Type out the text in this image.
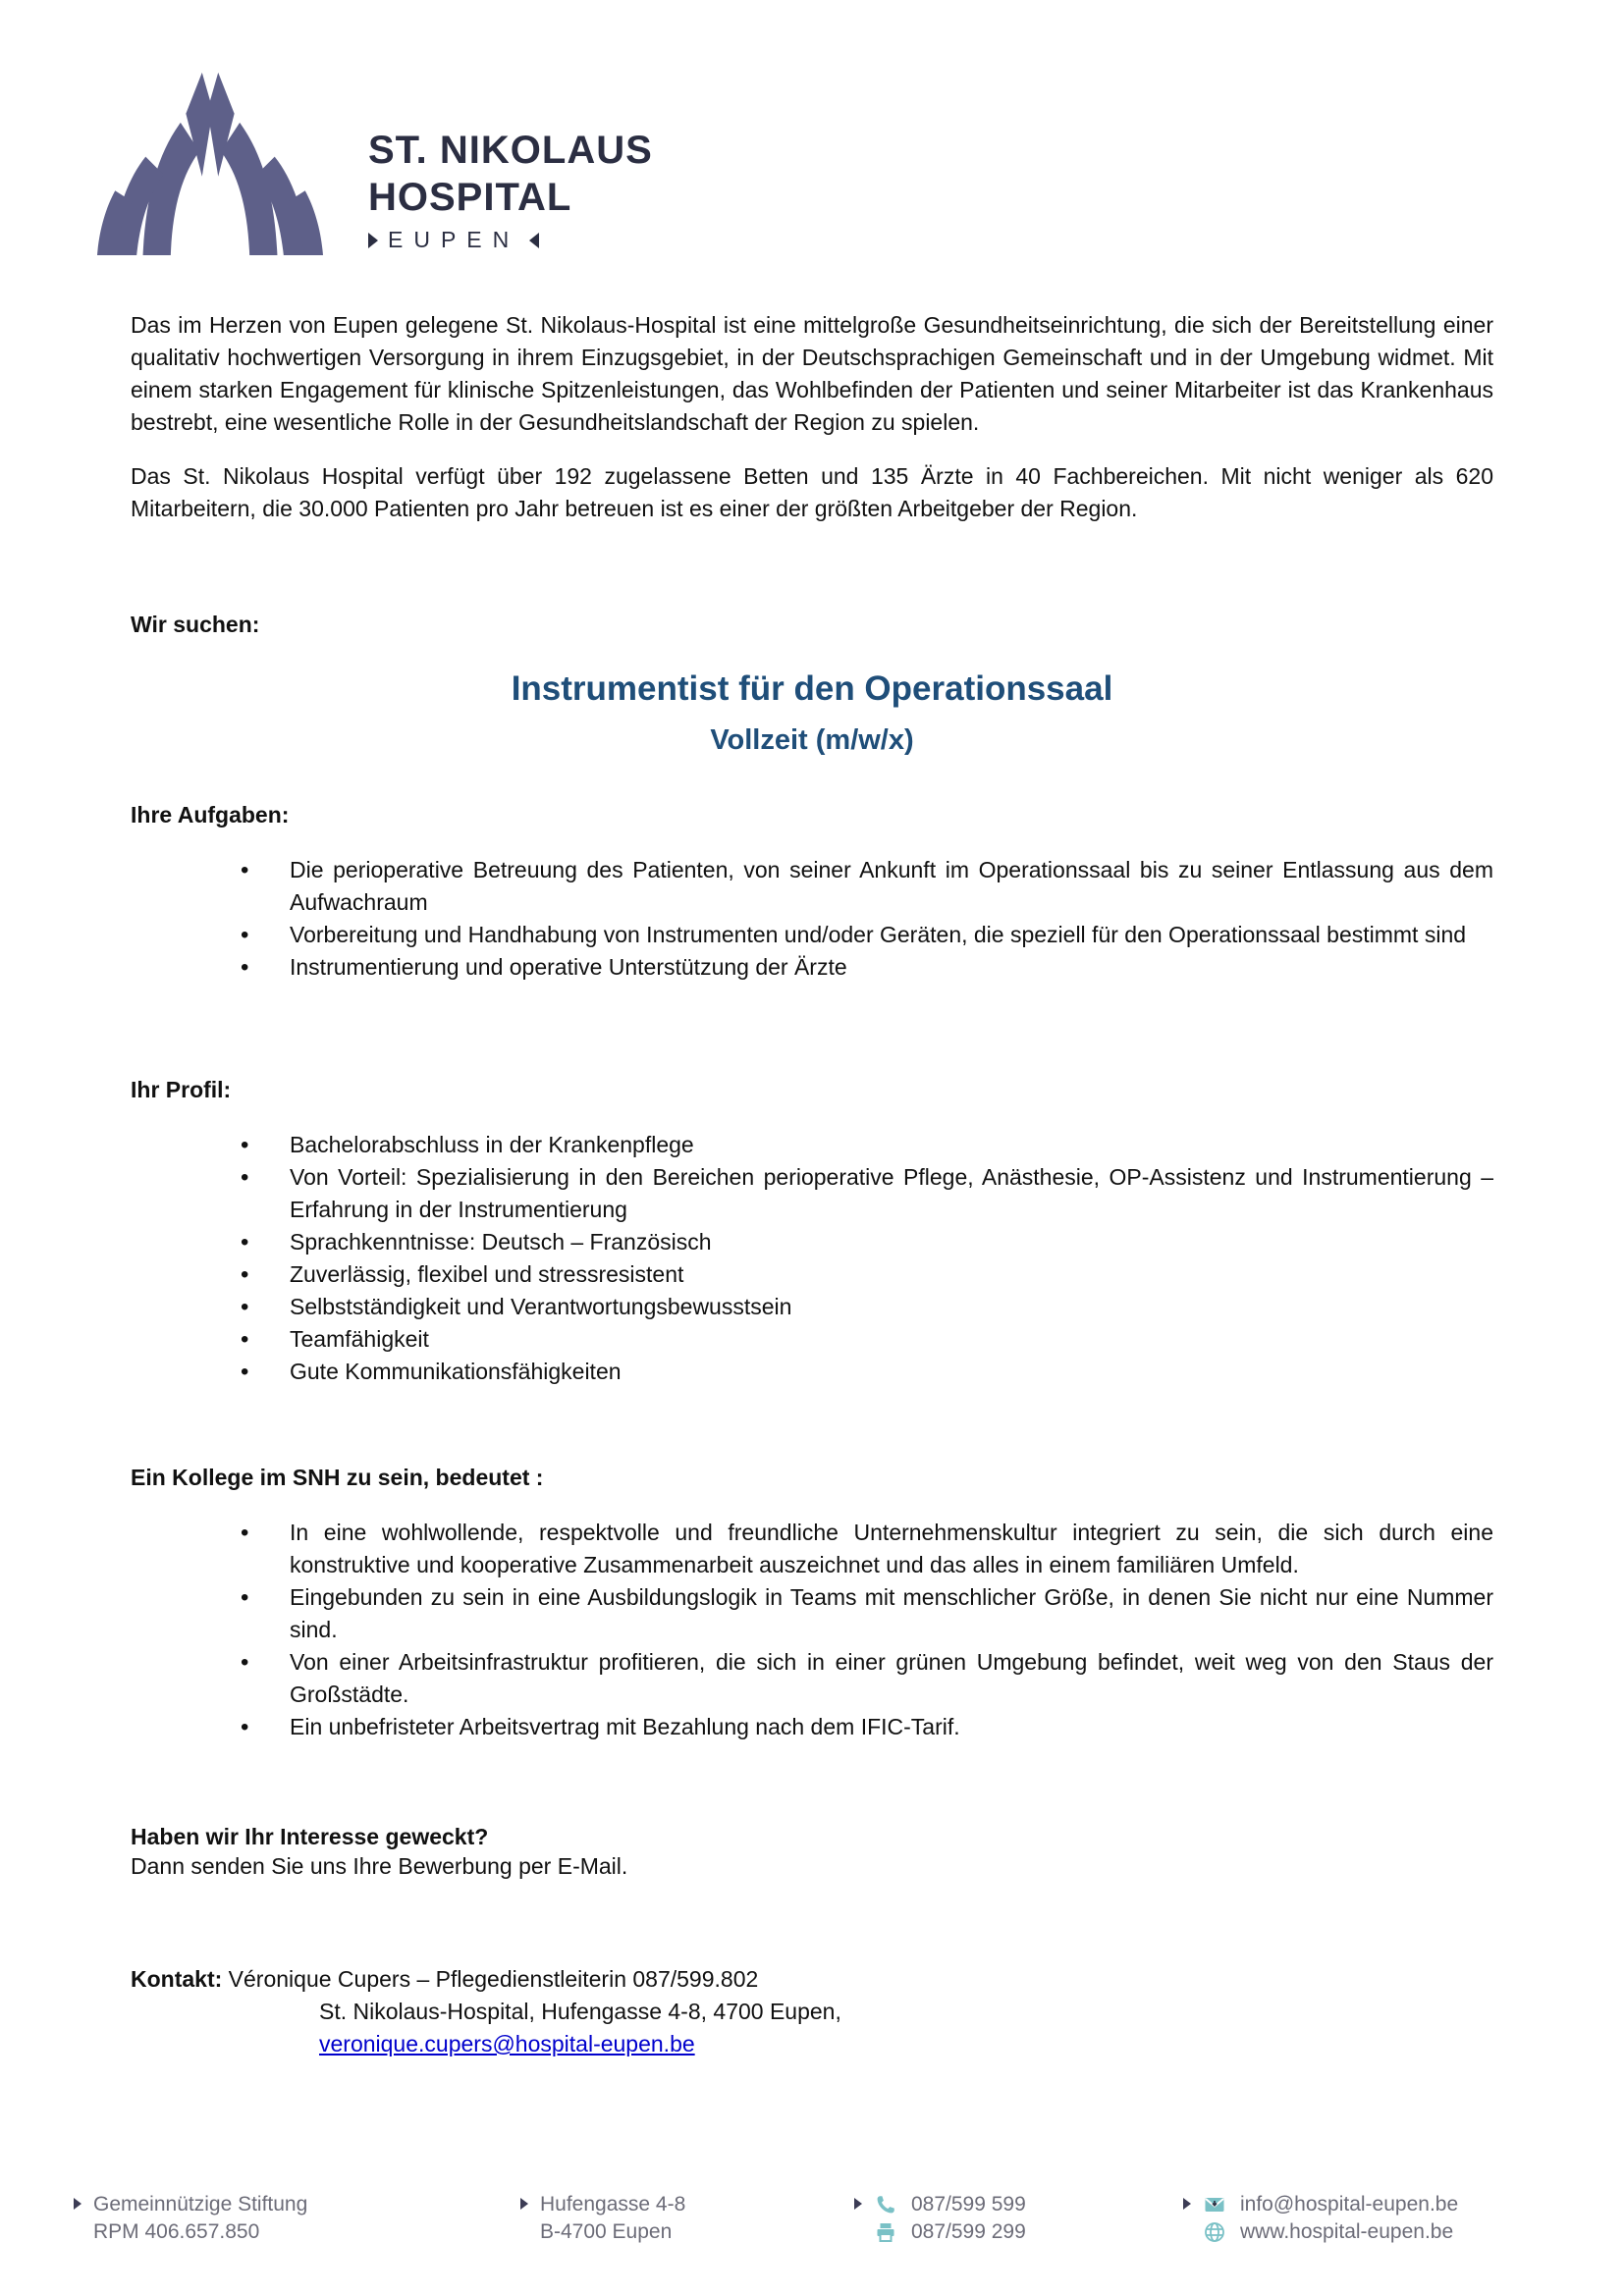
ST. NIKOLAUS
HOSPITAL
EUPEN

Das im Herzen von Eupen gelegene St. Nikolaus-Hospital ist eine mittelgroße Gesundheitseinrichtung, die sich der Bereitstellung einer qualitativ hochwertigen Versorgung in ihrem Einzugsgebiet, in der Deutschsprachigen Gemeinschaft und in der Umgebung widmet. Mit einem starken Engagement für klinische Spitzenleistungen, das Wohlbefinden der Patienten und seiner Mitarbeiter ist das Krankenhaus bestrebt, eine wesentliche Rolle in der Gesundheitslandschaft der Region zu spielen.

Das St. Nikolaus Hospital verfügt über 192 zugelassene Betten und 135 Ärzte in 40 Fachbereichen. Mit nicht weniger als 620 Mitarbeitern, die 30.000 Patienten pro Jahr betreuen ist es einer der größten Arbeitgeber der Region.

Wir suchen:
Instrumentist für den Operationssaal
Vollzeit (m/w/x)
Ihre Aufgaben:
• Die perioperative Betreuung des Patienten, von seiner Ankunft im Operationssaal bis zu seiner Entlassung aus dem Aufwachraum
• Vorbereitung und Handhabung von Instrumenten und/oder Geräten, die speziell für den Operationssaal bestimmt sind
• Instrumentierung und operative Unterstützung der Ärzte
Ihr Profil:
• Bachelorabschluss in der Krankenpflege
• Von Vorteil: Spezialisierung in den Bereichen perioperative Pflege, Anästhesie, OP-Assistenz und Instrumentierung – Erfahrung in der Instrumentierung
• Sprachkenntnisse: Deutsch – Französisch
• Zuverlässig, flexibel und stressresistent
• Selbstständigkeit und Verantwortungsbewusstsein
• Teamfähigkeit
• Gute Kommunikationsfähigkeiten
Ein Kollege im SNH zu sein, bedeutet :
• In eine wohlwollende, respektvolle und freundliche Unternehmenskultur integriert zu sein, die sich durch eine konstruktive und kooperative Zusammenarbeit auszeichnet und das alles in einem familiären Umfeld.
• Eingebunden zu sein in eine Ausbildungslogik in Teams mit menschlicher Größe, in denen Sie nicht nur eine Nummer sind.
• Von einer Arbeitsinfrastruktur profitieren, die sich in einer grünen Umgebung befindet, weit weg von den Staus der Großstädte.
• Ein unbefristeter Arbeitsvertrag mit Bezahlung nach dem IFIC-Tarif.
Haben wir Ihr Interesse geweckt?
Dann senden Sie uns Ihre Bewerbung per E-Mail.
Kontakt: Véronique Cupers – Pflegedienstleiterin 087/599.802
St. Nikolaus-Hospital, Hufengasse 4-8, 4700 Eupen,
veronique.cupers@hospital-eupen.be
Gemeinnützige Stiftung
RPM 406.657.850
Hufengasse 4-8
B-4700 Eupen
087/599 599
087/599 299
info@hospital-eupen.be
www.hospital-eupen.be
